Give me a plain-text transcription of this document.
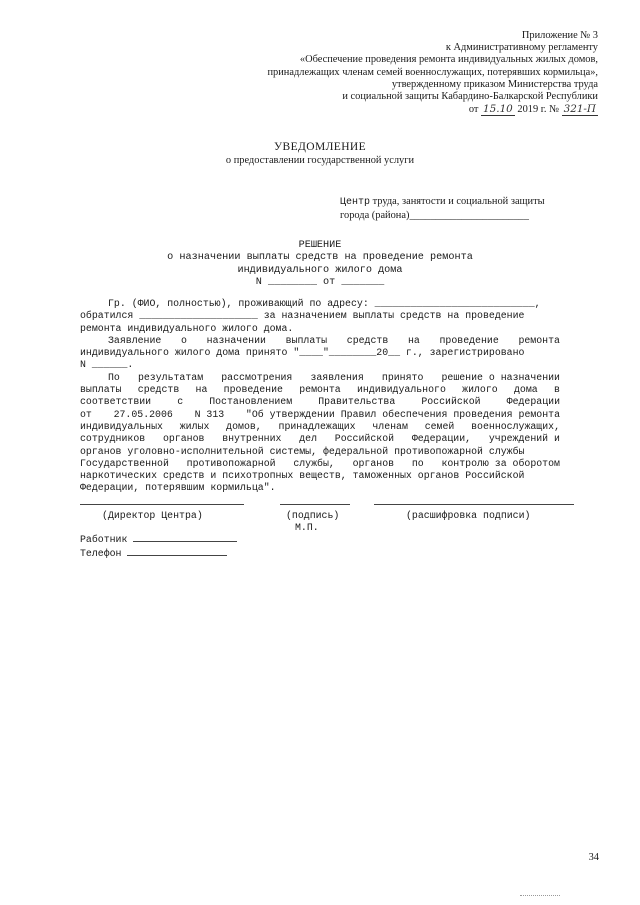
Приложение № 3
к Административному регламенту
«Обеспечение проведения ремонта индивидуальных жилых домов,
принадлежащих членам семей военнослужащих, потерявших кормильца»,
утвержденному приказом Министерства труда
и социальной защиты Кабардино-Балкарской Республики
от 15.10 2019 г. № 321-П
УВЕДОМЛЕНИЕ
о предоставлении государственной услуги
Центр труда, занятости и социальной защиты
города (района)_______________________
РЕШЕНИЕ
о назначении выплаты средств на проведение ремонта
индивидуального жилого дома
N ________ от _______
Гр. (ФИО, полностью), проживающий по адресу: ___________________________,
обратился ____________________ за назначением выплаты средств на проведение
ремонта индивидуального жилого дома.
Заявление о назначении выплаты средств на проведение ремонта
индивидуального жилого дома принято "____"________20__ г., зарегистрировано
N ______.
По результатам рассмотрения заявления принято решение о назначении
выплаты средств на проведение ремонта индивидуального жилого дома в
соответствии	с	Постановлением	Правительства	Российской	Федерации
от 27.05.2006 N 313 "Об утверждении Правил обеспечения проведения ремонта
индивидуальных жилых домов, принадлежащих членам семей военнослужащих,
сотрудников органов внутренних дел Российской Федерации, учреждений и
органов уголовно-исполнительной системы, федеральной противопожарной службы
Государственной противопожарной службы, органов по контролю за оборотом
наркотических средств и психотропных веществ, таможенных органов Российской
Федерации, потерявшим кормильца".
(Директор Центра)	(подпись)	(расшифровка подписи)
М.П.
Работник
Телефон
34
